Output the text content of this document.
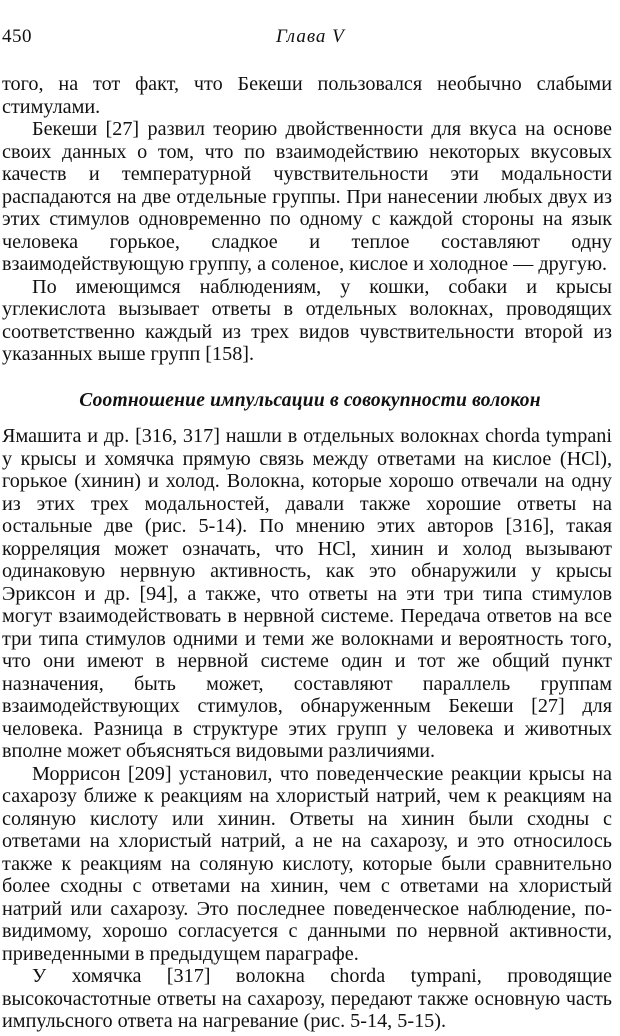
450	Глава V

того, на тот факт, что Бекеши пользовался необычно слабыми стимулами.

Бекеши [27] развил теорию двойственности для вкуса на основе своих данных о том, что по взаимодействию некоторых вкусовых качеств и температурной чувствительности эти модальности распадаются на две отдельные группы. При нанесении любых двух из этих стимулов одновременно по одному с каждой стороны на язык человека горькое, сладкое и теплое составляют одну взаимодействующую группу, а соленое, кислое и холодное — другую.

По имеющимся наблюдениям, у кошки, собаки и крысы углекислота вызывает ответы в отдельных волокнах, проводящих соответственно каждый из трех видов чувствительности второй из указанных выше групп [158].

Соотношение импульсации в совокупности волокон

Ямашита и др. [316, 317] нашли в отдельных волокнах chorda tympani у крысы и хомячка прямую связь между ответами на кислое (HCl), горькое (хинин) и холод. Волокна, которые хорошо отвечали на одну из этих трех модальностей, давали также хорошие ответы на остальные две (рис. 5-14). По мнению этих авторов [316], такая корреляция может означать, что HCl, хинин и холод вызывают одинаковую нервную активность, как это обнаружили у крысы Эриксон и др. [94], а также, что ответы на эти три типа стимулов могут взаимодействовать в нервной системе. Передача ответов на все три типа стимулов одними и теми же волокнами и вероятность того, что они имеют в нервной системе один и тот же общий пункт назначения, быть может, составляют параллель группам взаимодействующих стимулов, обнаруженным Бекеши [27] для человека. Разница в структуре этих групп у человека и животных вполне может объясняться видовыми различиями.

Моррисон [209] установил, что поведенческие реакции крысы на сахарозу ближе к реакциям на хлористый натрий, чем к реакциям на соляную кислоту или хинин. Ответы на хинин были сходны с ответами на хлористый натрий, а не на сахарозу, и это относилось также к реакциям на соляную кислоту, которые были сравнительно более сходны с ответами на хинин, чем с ответами на хлористый натрий или сахарозу. Это последнее поведенческое наблюдение, по-видимому, хорошо согласуется с данными по нервной активности, приведенными в предыдущем параграфе.

У хомячка [317] волокна chorda tympani, проводящие высокочастотные ответы на сахарозу, передают также основную часть импульсного ответа на нагревание (рис. 5-14, 5-15).
